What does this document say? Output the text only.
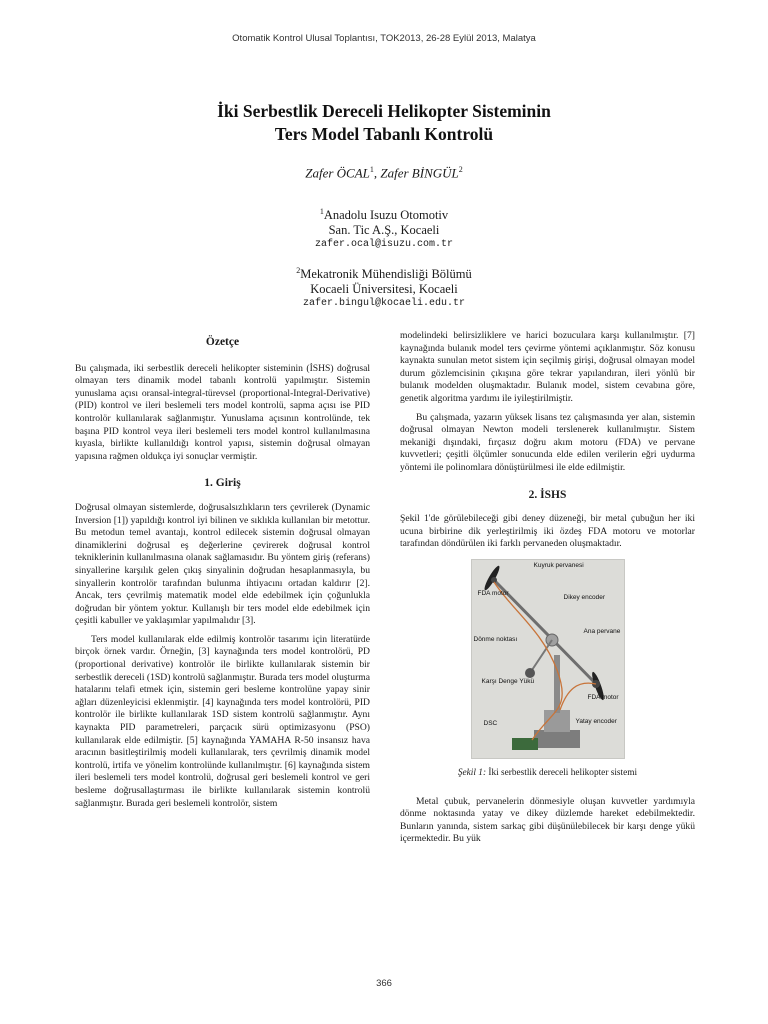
Otomatik Kontrol Ulusal Toplantısı, TOK2013, 26-28 Eylül 2013, Malatya
İki Serbestlik Dereceli Helikopter Sisteminin
Ters Model Tabanlı Kontrolü
Zafer ÖCAL$^1$, Zafer BİNGÜL$^2$
$^1$Anadolu Isuzu Otomotiv
San. Tic A.Ş., Kocaeli
zafer.ocal@isuzu.com.tr
$^2$Mekatronik Mühendisliği Bölümü
Kocaeli Üniversitesi, Kocaeli
zafer.bingul@kocaeli.edu.tr

Özetçe

Bu çalışmada, iki serbestlik dereceli helikopter sisteminin (İSHS) doğrusal olmayan ters dinamik model tabanlı kontrolü yapılmıştır. Sistemin yunuslama açısı oransal-integral-türevsel (proportional-Integral-Derivative) (PID) kontrol ve ileri beslemeli ters model kontrolü, sapma açısı ise PID kontrolör kullanılarak sağlanmıştır. Yunuslama açısının kontrolünde, tek başına PID kontrol veya ileri beslemeli ters model kontrol kullanılmasına kıyasla, birlikte kullanıldığı kontrol yapısı, sistemin doğrusal olmayan yapısına rağmen oldukça iyi sonuçlar vermiştir.

1. Giriş

Doğrusal olmayan sistemlerde, doğrusalsızlıkların ters çevrilerek (Dynamic Inversion [1]) yapıldığı kontrol iyi bilinen ve sıklıkla kullanılan bir metottur. Bu metodun temel avantajı, kontrol edilecek sistemin doğrusal olmayan dinamiklerini doğrusal eş değerlerine çevirerek doğrusal kontrol tekniklerinin kullanılmasına olanak sağlamasıdır. Bu yöntem giriş (referans) sinyallerine karşılık gelen çıkış sinyalinin doğrudan hesaplanmasıyla, bu sinyallerin kontrolör tarafından bulunma ihtiyacını ortadan kaldırır [2]. Ancak, ters çevrilmiş matematik model elde edebilmek için çoğunlukla doğrudan bir yöntem yoktur. Kullanışlı bir ters model elde edebilmek için çeşitli kabuller ve yaklaşımlar yapılmalıdır [3].

Ters model kullanılarak elde edilmiş kontrolör tasarımı için literatürde birçok örnek vardır. Örneğin, [3] kaynağında ters model kontrolörü, PD (proportional derivative) kontrolör ile birlikte kullanılarak sistemin bir serbestlik dereceli (1SD) kontrolü sağlanmıştır. Burada ters model oluşturma hatalarını telafi etmek için, sistemin geri besleme kontrolüne yapay sinir ağları düzenleyicisi eklenmiştir. [4] kaynağında ters model kontrolörü, PID kontrolör ile birlikte kullanılarak 1SD sistem kontrolü sağlanmıştır. Aynı kaynakta PID parametreleri, parçacık sürü optimizasyonu (PSO) kullanılarak elde edilmiştir. [5] kaynağında YAMAHA R-50 insansız hava aracının basitleştirilmiş modeli kullanılarak, ters çevrilmiş dinamik model kontrolü, irtifa ve yönelim kontrolünde kullanılmıştır. [6] kaynağında sistem ileri beslemeli ters model kontrolü, doğrusal geri beslemeli kontrol ve geri besleme doğrusallaştırması ile birlikte kullanılarak sistemin kontrolü sağlanmıştır. Burada geri beslemeli kontrolör, sistem

modelindeki belirsizliklere ve harici bozuculara karşı kullanılmıştır. [7] kaynağında bulanık model ters çevirme yöntemi açıklanmıştır. Söz konusu kaynakta sunulan metot sistem için seçilmiş girişi, doğrusal olmayan model durum gözlemcisinin çıkışına göre tekrar yapılandıran, ileri yönlü bir bulanık modelden oluşmaktadır. Bulanık model, sistem cevabına göre, genetik algoritma yardımı ile iyileştirilmiştir.

Bu çalışmada, yazarın yüksek lisans tez çalışmasında yer alan, sistemin doğrusal olmayan Newton modeli terslenerek kullanılmıştır. Sistem mekaniği dışındaki, fırçasız doğru akım motoru (FDA) ve pervane kuvvetleri; çeşitli ölçümler sonucunda elde edilen verilerin eğri uydurma yöntemi ile polinomlara dönüştürülmesi ile elde edilmiştir.

2. İSHS

Şekil 1'de görülebileceği gibi deney düzeneği, bir metal çubuğun her iki ucuna birbirine dik yerleştirilmiş iki özdeş FDA motoru ve motorlar tarafından döndürülen iki farklı pervaneden oluşmaktadır.

Kuyruk pervanesi
FDA motor
Dikey encoder
Ana pervane
Dönme noktası
Karşı Denge Yükü
FDA motor
DSC	Yatay encoder
Şekil 1: İki serbestlik dereceli helikopter sistemi

Metal çubuk, pervanelerin dönmesiyle oluşan kuvvetler yardımıyla dönme noktasında yatay ve dikey düzlemde hareket edebilmektedir. Bunların yanında, sistem sarkaç gibi düşünülebilecek bir karşı denge yükü içermektedir. Bu yük

366
